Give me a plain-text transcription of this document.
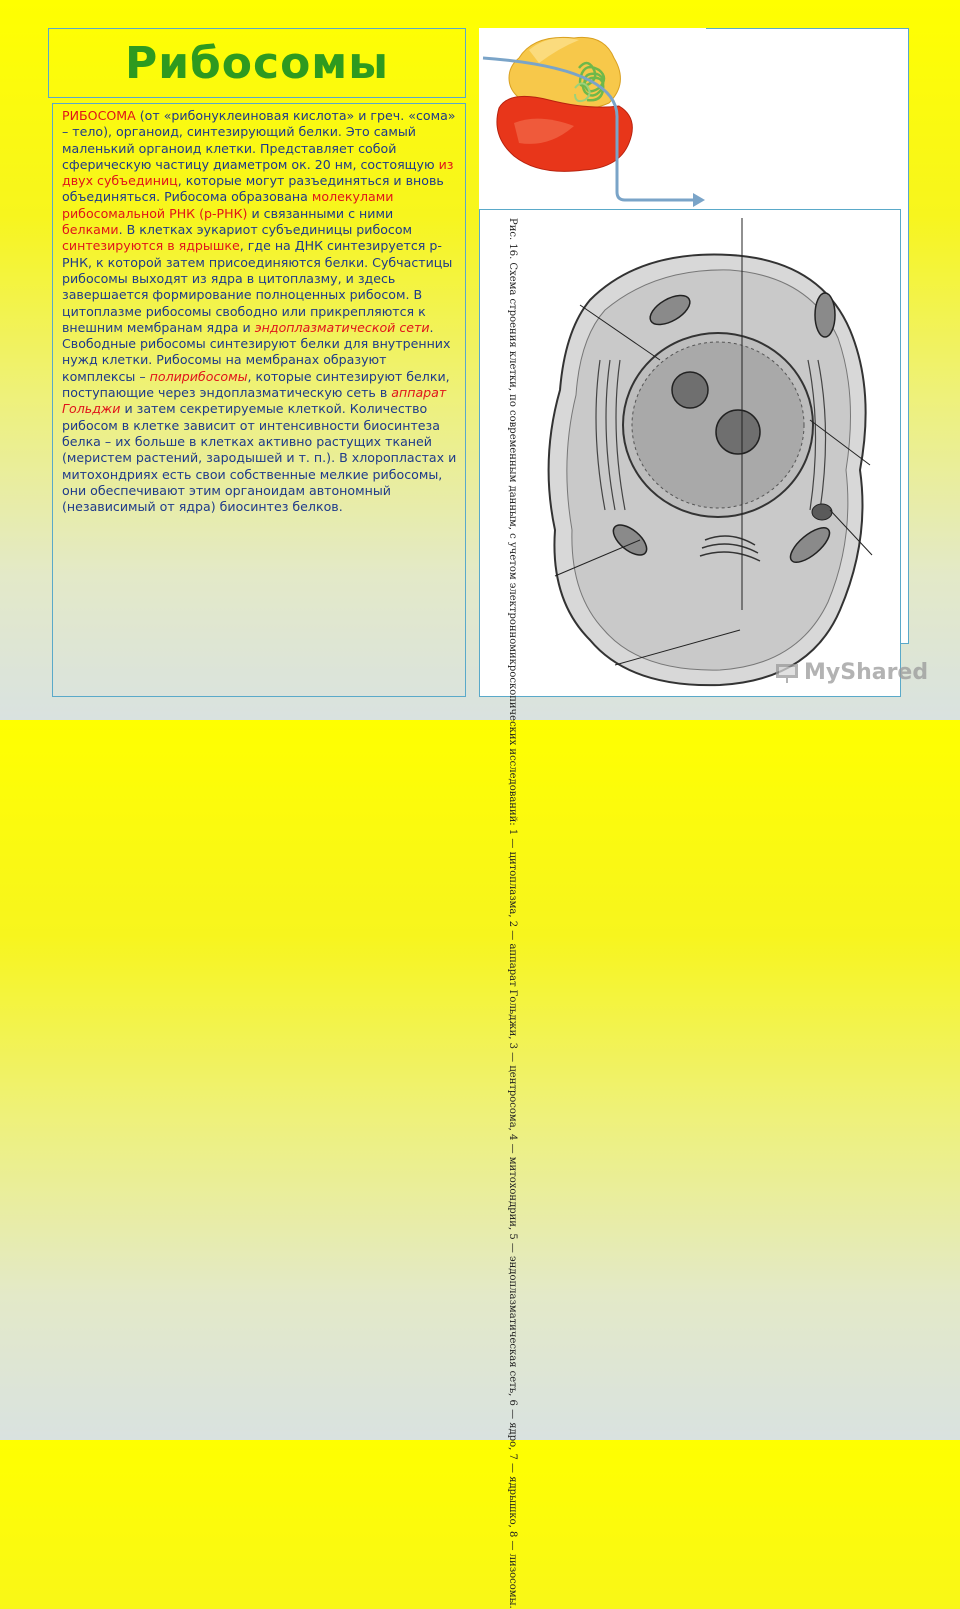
Рибосомы

РИБОСОМА (от «рибонуклеиновая кислота» и греч. «сома» – тело), органоид, синтезирующий белки. Это самый маленький органоид клетки. Представляет собой сферическую частицу диаметром ок. 20 нм, состоящую из двух субъединиц, которые могут разъединяться и вновь объединяться. Рибосома образована молекулами рибосомальной РНК (р-РНК) и связанными с ними белками. В клетках эукариот субъединицы рибосом синтезируются в ядрышке, где на ДНК синтезируется р-РНК, к которой затем присоединяются белки. Субчастицы рибосомы выходят из ядра в цитоплазму, и здесь завершается формирование полноценных рибосом. В цитоплазме рибосомы свободно или прикрепляются к внешним мембранам ядра и эндоплазматической сети. Свободные рибосомы синтезируют белки для внутренних нужд клетки. Рибосомы на мембранах образуют комплексы – полирибосомы, которые синтезируют белки, поступающие через эндоплазматическую сеть в аппарат Гольджи и затем секретируемые клеткой. Количество рибосом в клетке зависит от интенсивности биосинтеза белка – их больше в клетках активно растущих тканей (меристем растений, зародышей и т. п.). В хлоропластах и митохондриях есть свои собственные мелкие рибосомы, они обеспечивают этим органоидам автономный (независимый от ядра) биосинтез белков.	Рис. 16. Схема строения клетки, по современным данным, с учетом электронномикроскопических исследований: 1 — цитоплазма, 2 — аппарат Гольджи, 3 — центросома, 4 — митохондрии, 5 — эндоплазматическая сеть, 6 — ядро, 7 — ядрышко, 8 — лизосомы.	MyShared
